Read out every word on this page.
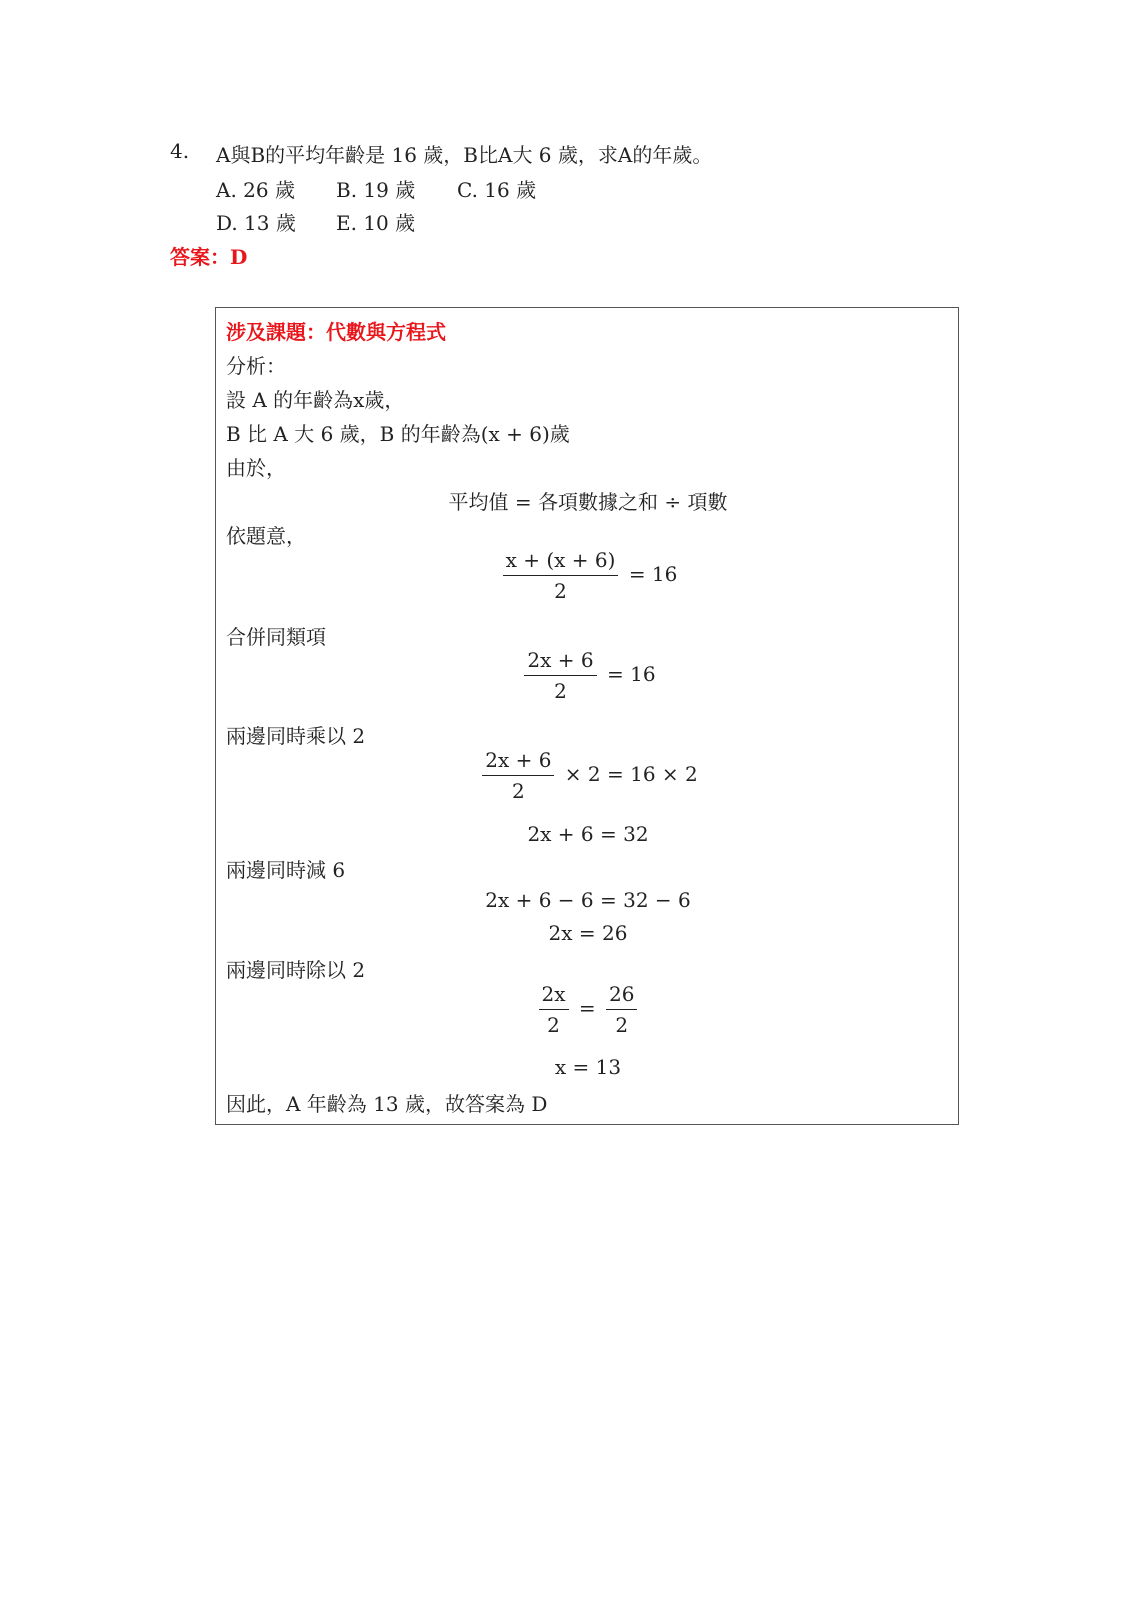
4. A與B的平均年齡是 16 歲，B比A大 6 歲，求A的年歲。
A. 26 歲 B. 19 歲 C. 16 歲
D. 13 歲 E. 10 歲
答案：D
涉及課題：代數與方程式
分析：
設 A 的年齡為x歲，
B 比 A 大 6 歲，B 的年齡為(x + 6)歲
由於，
平均值 = 各項數據之和 ÷ 項數
依題意，
$\frac{x + (x + 6)}{2} = 16$
合併同類項
$\frac{2x + 6}{2} = 16$
兩邊同時乘以 2
$\frac{2x + 6}{2} \times 2 = 16 \times 2$
2x + 6 = 32
兩邊同時減 6
2x + 6 − 6 = 32 − 6
2x = 26
兩邊同時除以 2
$\frac{2x}{2} = \frac{26}{2}$
x = 13
因此，A 年齡為 13 歲，故答案為 D
